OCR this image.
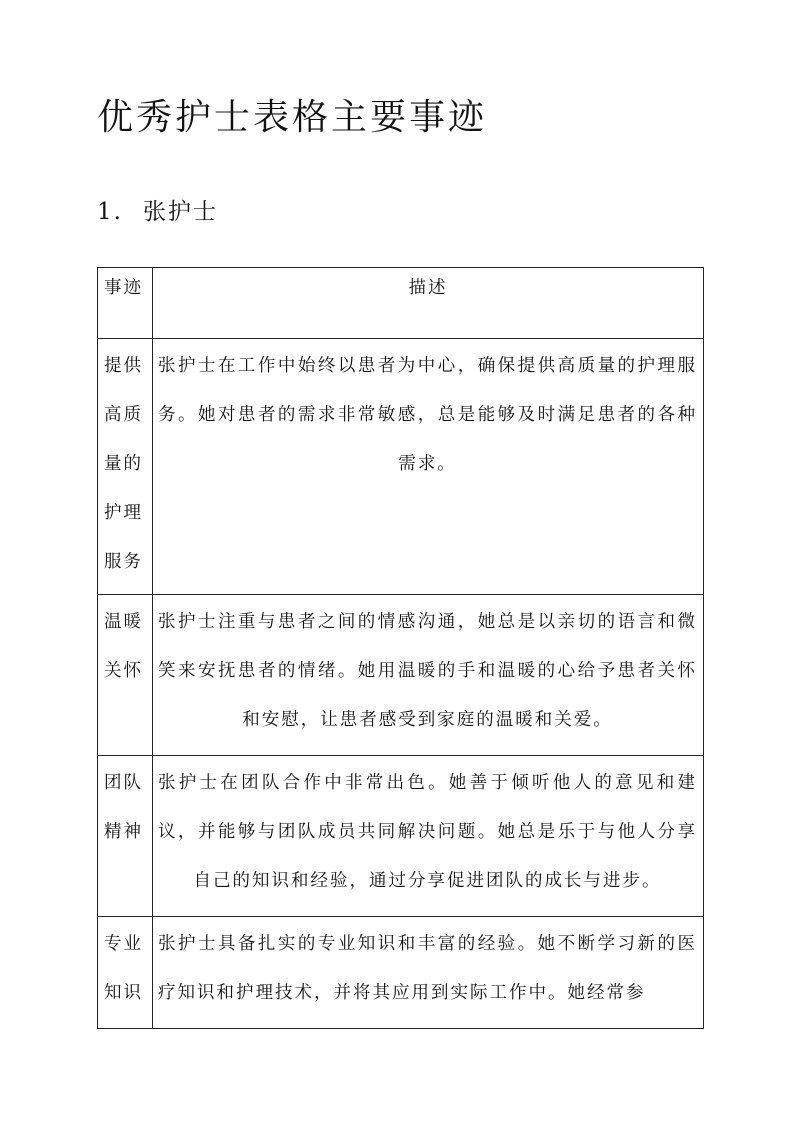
优秀护士表格主要事迹
1. 张护士
事迹	描述
提供高质量的护理服务	张护士在工作中始终以患者为中心，确保提供高质量的护理服务。她对患者的需求非常敏感，总是能够及时满足患者的各种需求。
温暖关怀	张护士注重与患者之间的情感沟通，她总是以亲切的语言和微笑来安抚患者的情绪。她用温暖的手和温暖的心给予患者关怀和安慰，让患者感受到家庭的温暖和关爱。
团队精神	张护士在团队合作中非常出色。她善于倾听他人的意见和建议，并能够与团队成员共同解决问题。她总是乐于与他人分享自己的知识和经验，通过分享促进团队的成长与进步。
专业知识	张护士具备扎实的专业知识和丰富的经验。她不断学习新的医疗知识和护理技术，并将其应用到实际工作中。她经常参
